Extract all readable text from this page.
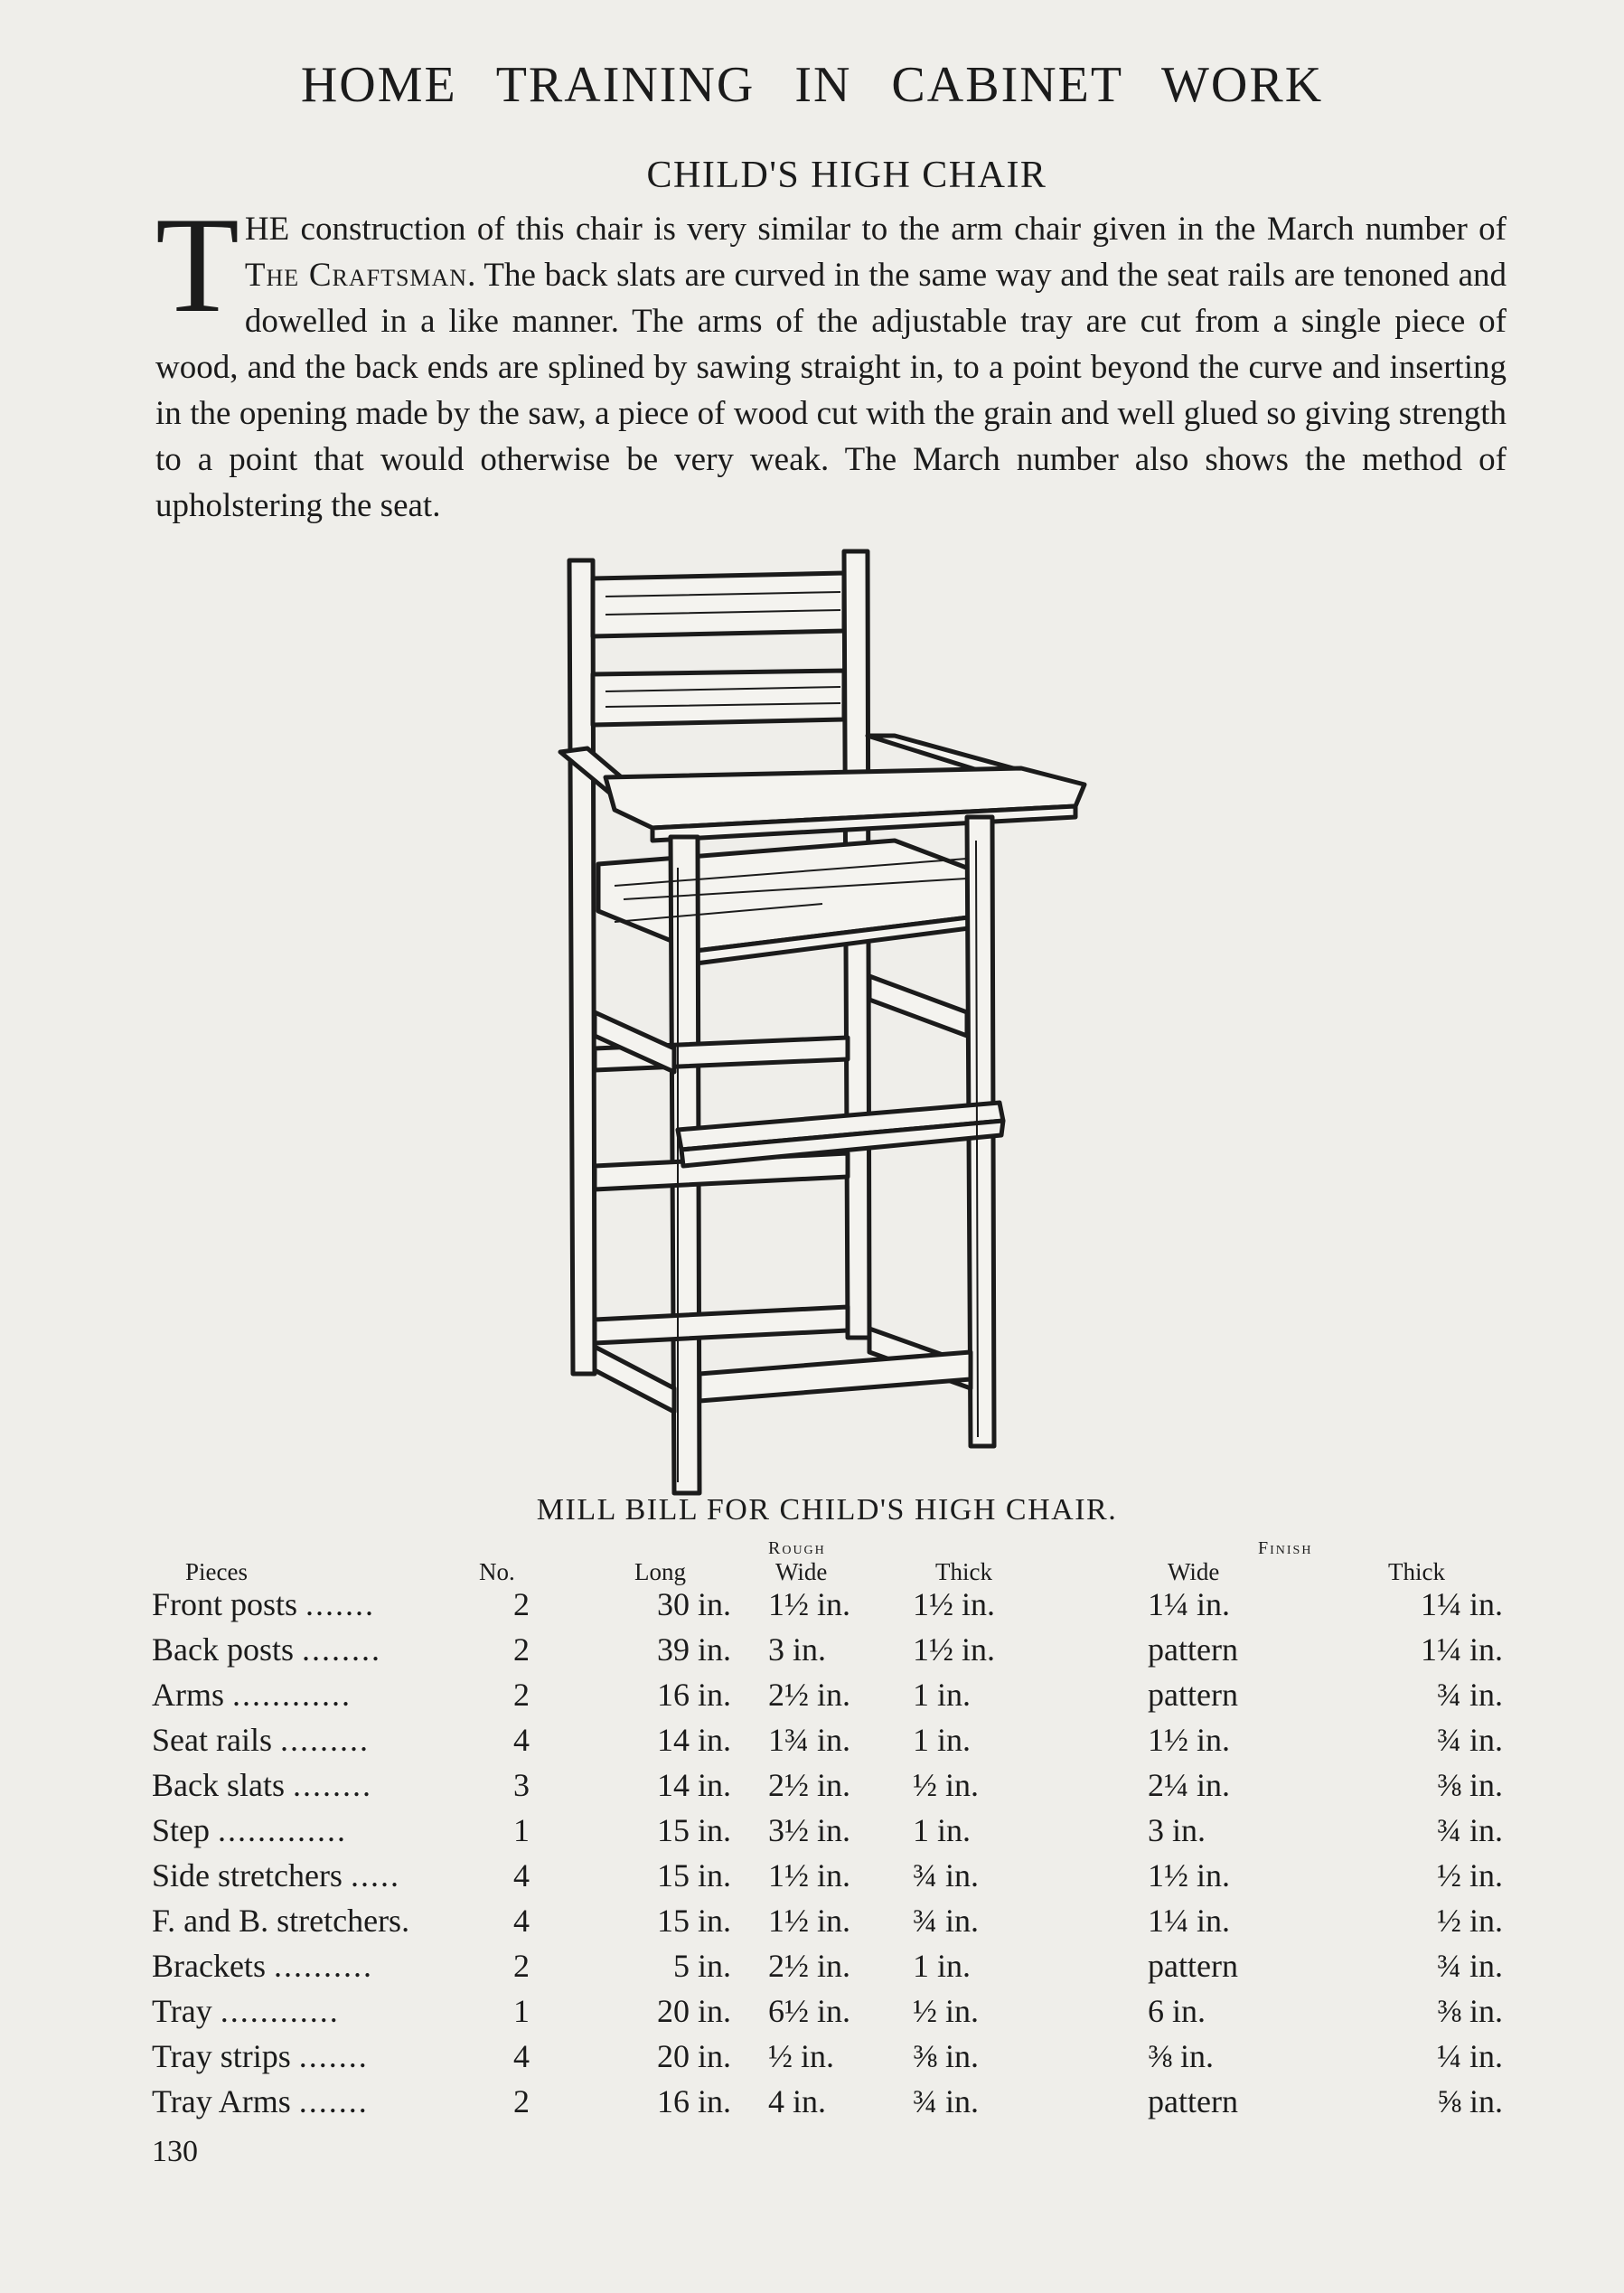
HOME TRAINING IN CABINET WORK
CHILD'S HIGH CHAIR
THE construction of this chair is very similar to the arm chair given in the March number of The Craftsman. The back slats are curved in the same way and the seat rails are tenoned and dowelled in a like manner. The arms of the adjustable tray are cut from a single piece of wood, and the back ends are splined by sawing straight in, to a point beyond the curve and inserting in the opening made by the saw, a piece of wood cut with the grain and well glued so giving strength to a point that would otherwise be very weak. The March number also shows the method of upholstering the seat.
MILL BILL FOR CHILD'S HIGH CHAIR.
Rough	Finish
Pieces	No.	Long	Wide	Thick	Wide	Thick
Front posts .......	2	30 in. 1½ in. 1½ in.	1¼ in.	1¼ in.
Back posts ........	2	39 in. 3 in.	1½ in.	pattern	1¼ in.
Arms ............	2	16 in. 2½ in. 1 in.	pattern	¾ in.
Seat rails .........	4	14 in. 1¾ in. 1 in.	1½ in.	¾ in.
Back slats ........	3	14 in. 2½ in. ½ in.	2¼ in.	⅜ in.
Step .............	1	15 in. 3½ in. 1 in.	3 in.	¾ in.
Side stretchers .....	4	15 in. 1½ in. ¾ in.	1½ in.	½ in.
F. and B. stretchers.	4	15 in. 1½ in. ¾ in.	1¼ in.	½ in.
Brackets ..........	2	5 in. 2½ in. 1 in.	pattern	¾ in.
Tray ............	1	20 in. 6½ in. ½ in.	6 in.	⅜ in.
Tray strips .......	4	20 in. ½ in. ⅜ in.	⅜ in.	¼ in.
Tray Arms .......	2	16 in. 4 in.	¾ in.	pattern	⅝ in.
130
